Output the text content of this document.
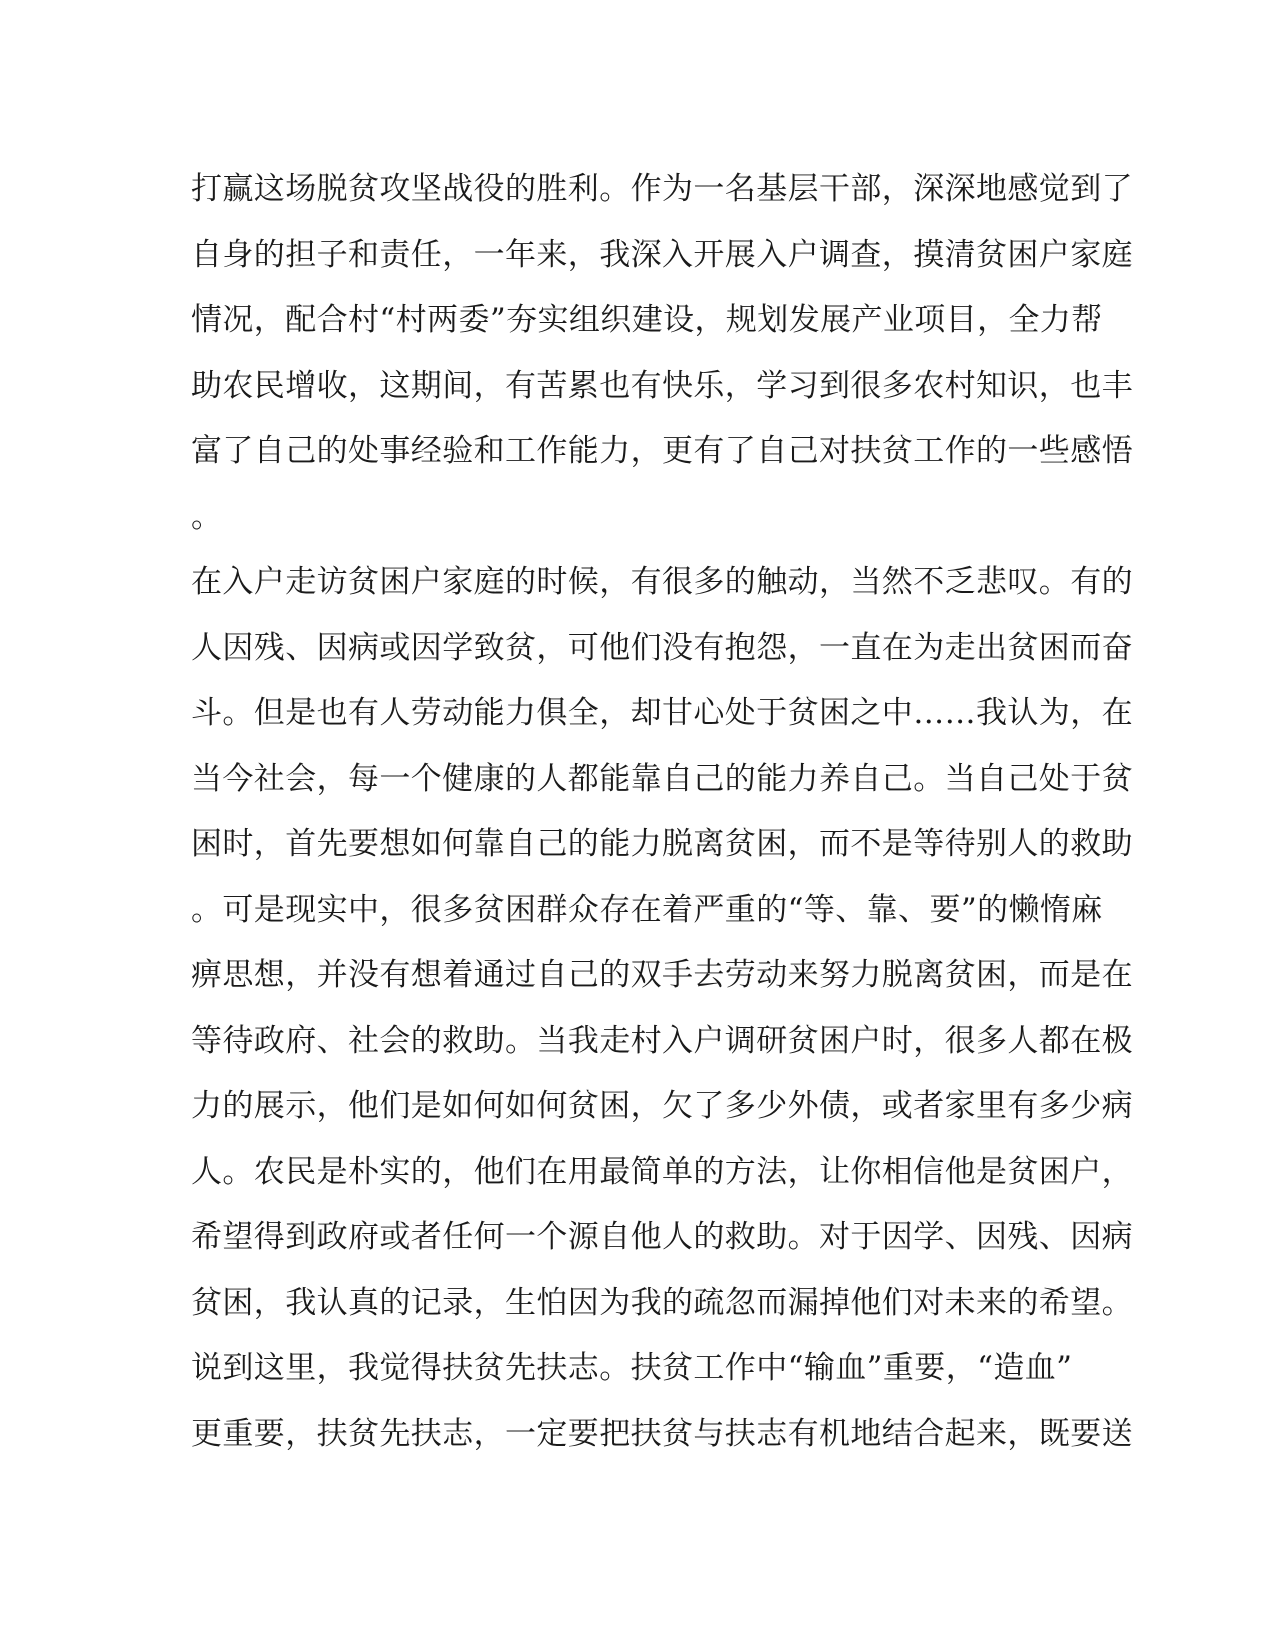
打赢这场脱贫攻坚战役的胜利。作为一名基层干部，深深地感觉到了
自身的担子和责任，一年来，我深入开展入户调查，摸清贫困户家庭
情况，配合村“村两委”夯实组织建设，规划发展产业项目，全力帮
助农民增收，这期间，有苦累也有快乐，学习到很多农村知识，也丰
富了自己的处事经验和工作能力，更有了自己对扶贫工作的一些感悟
。
在入户走访贫困户家庭的时候，有很多的触动，当然不乏悲叹。有的
人因残、因病或因学致贫，可他们没有抱怨，一直在为走出贫困而奋
斗。但是也有人劳动能力俱全，却甘心处于贫困之中……我认为，在
当今社会，每一个健康的人都能靠自己的能力养自己。当自己处于贫
困时，首先要想如何靠自己的能力脱离贫困，而不是等待别人的救助
。可是现实中，很多贫困群众存在着严重的“等、靠、要”的懒惰麻
痹思想，并没有想着通过自己的双手去劳动来努力脱离贫困，而是在
等待政府、社会的救助。当我走村入户调研贫困户时，很多人都在极
力的展示，他们是如何如何贫困，欠了多少外债，或者家里有多少病
人。农民是朴实的，他们在用最简单的方法，让你相信他是贫困户，
希望得到政府或者任何一个源自他人的救助。对于因学、因残、因病
贫困，我认真的记录，生怕因为我的疏忽而漏掉他们对未来的希望。
说到这里，我觉得扶贫先扶志。扶贫工作中“输血”重要，“造血”
更重要，扶贫先扶志，一定要把扶贫与扶志有机地结合起来，既要送
